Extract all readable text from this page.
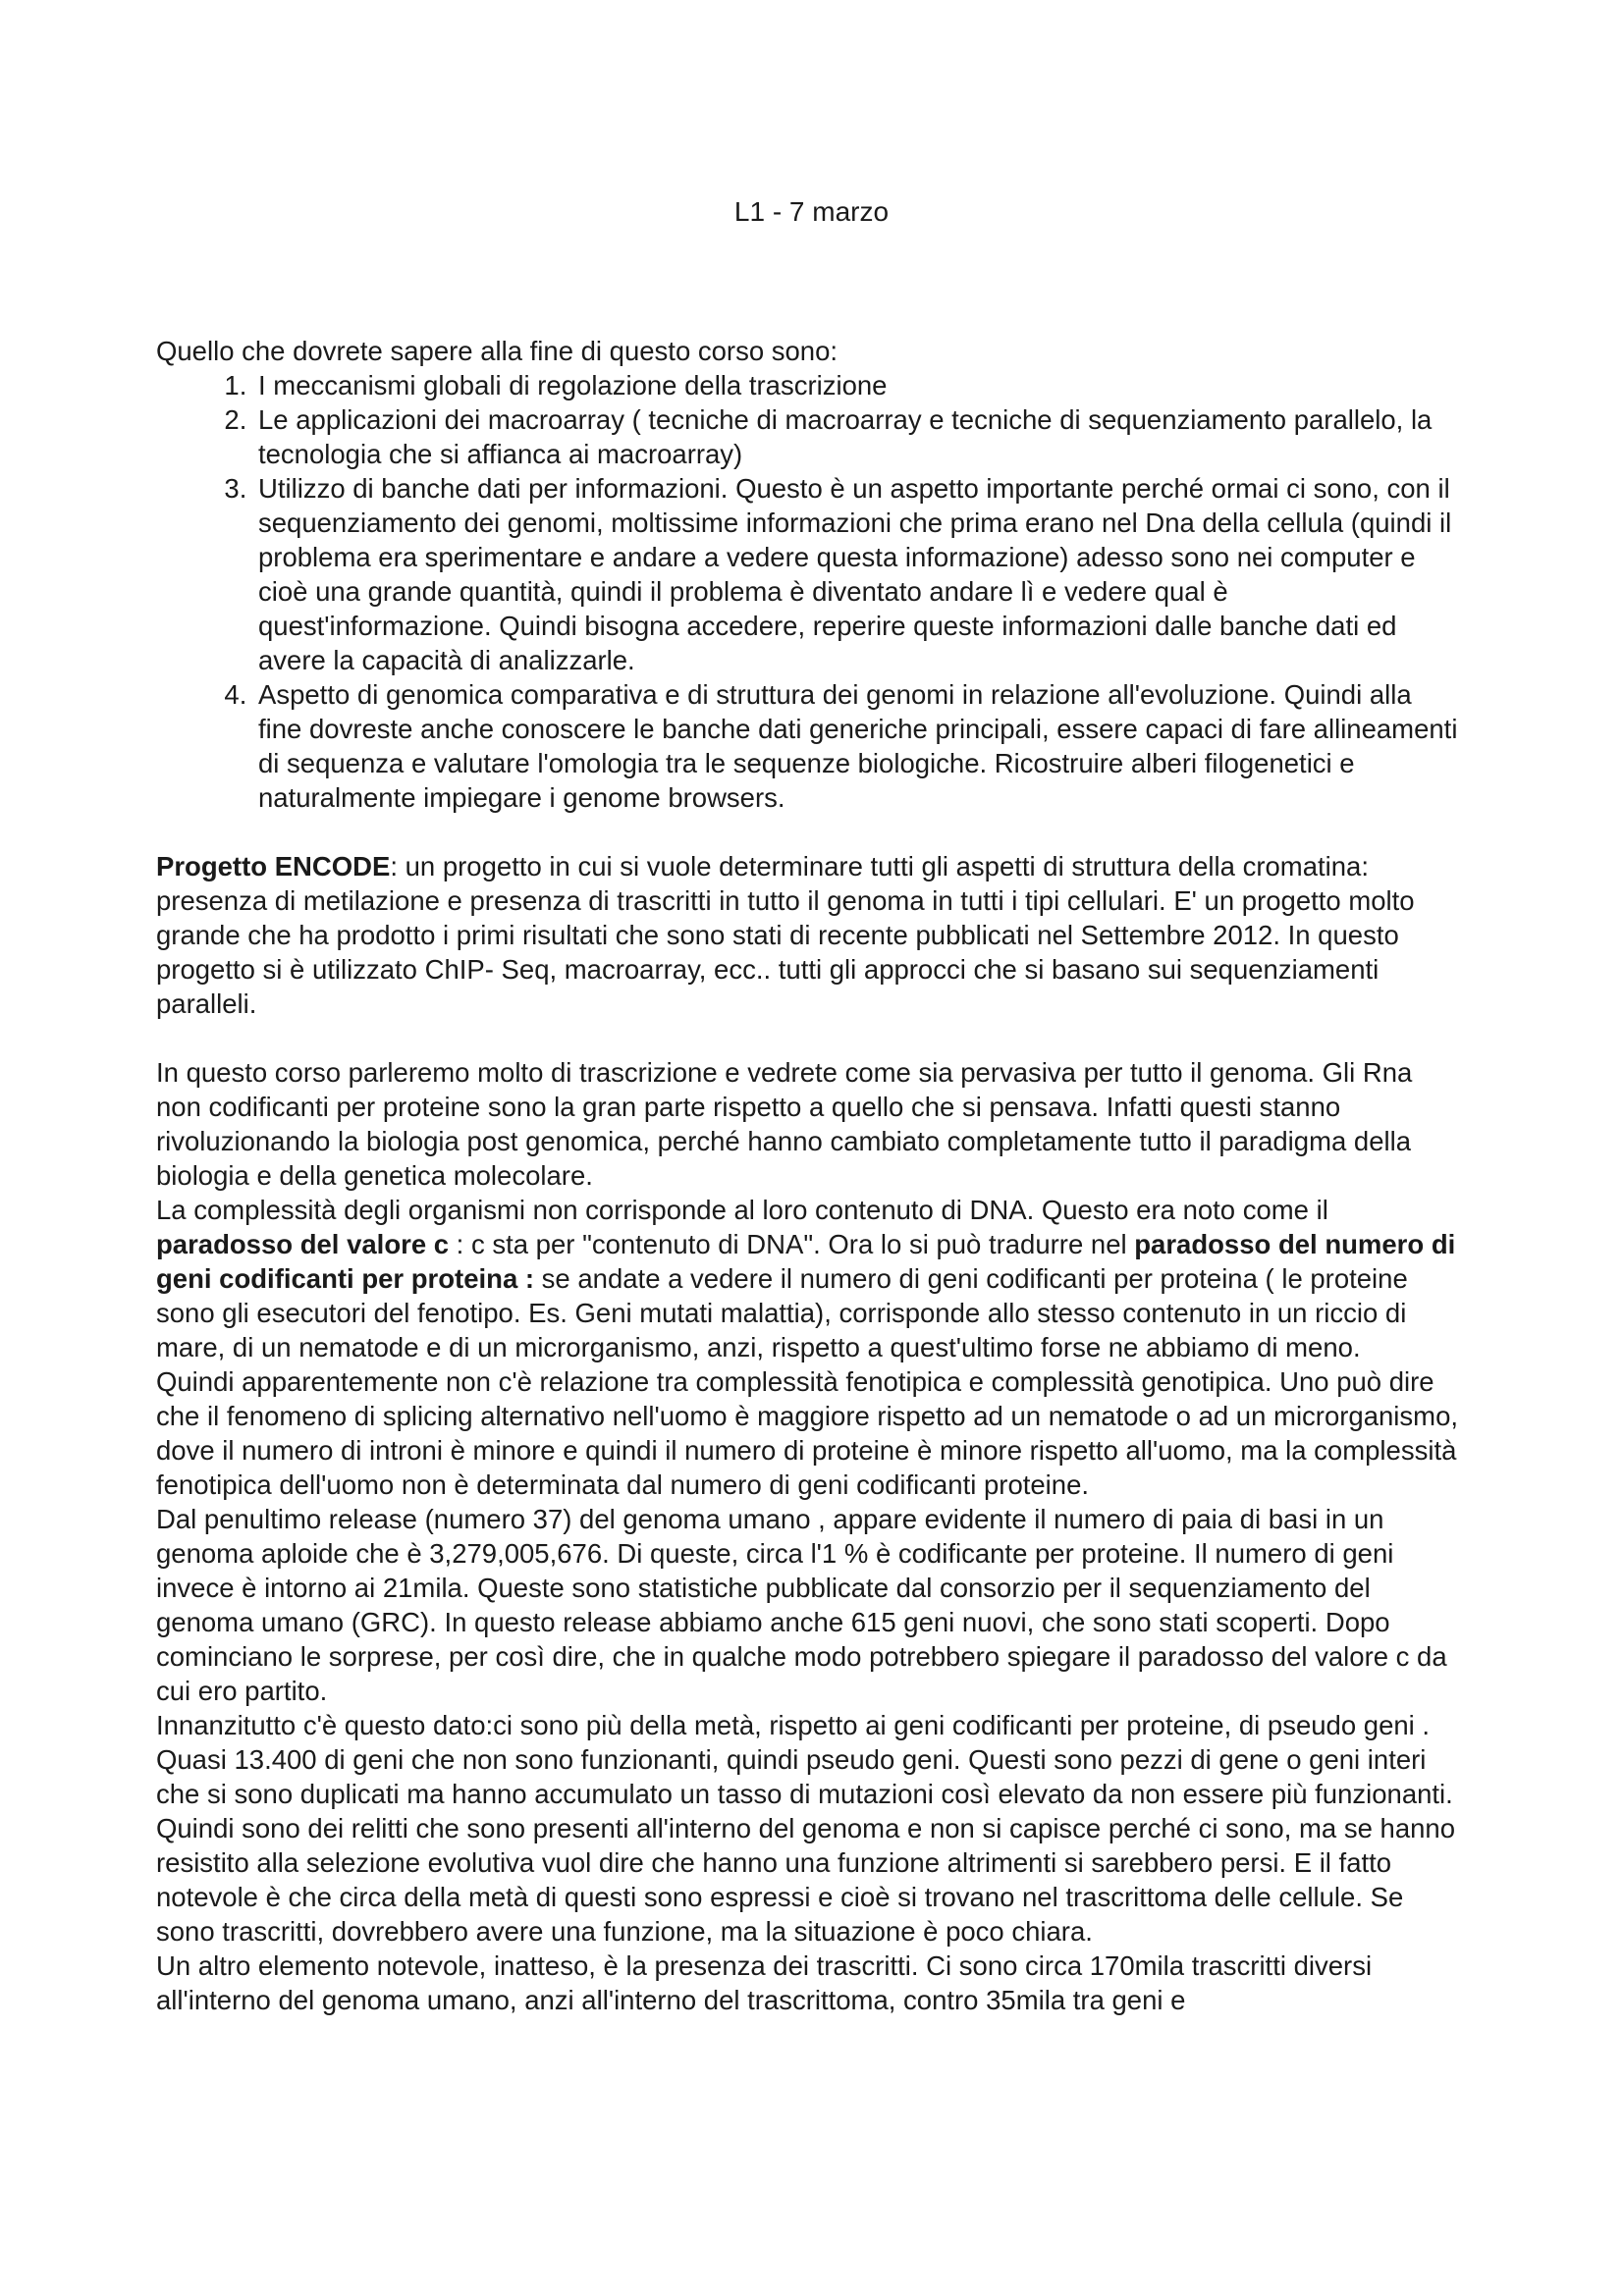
L1 - 7 marzo

Quello che dovrete sapere alla fine di questo corso sono:

1. I meccanismi globali di regolazione della trascrizione
2. Le applicazioni dei macroarray ( tecniche di macroarray e tecniche di sequenziamento parallelo, la tecnologia che si affianca ai macroarray)
3. Utilizzo di banche dati per informazioni. Questo è un aspetto importante perché ormai ci sono, con il sequenziamento dei genomi, moltissime informazioni che prima erano nel Dna della cellula (quindi il problema era sperimentare e andare a vedere questa informazione) adesso sono nei computer e cioè una grande quantità, quindi il problema è diventato andare lì e vedere qual è quest'informazione. Quindi bisogna accedere, reperire queste informazioni dalle banche dati ed avere la capacità di analizzarle.
4. Aspetto di genomica comparativa e di struttura dei genomi in relazione all'evoluzione. Quindi alla fine dovreste anche conoscere le banche dati generiche principali, essere capaci di fare allineamenti di sequenza e valutare l'omologia tra le sequenze biologiche. Ricostruire alberi filogenetici e naturalmente impiegare i genome browsers.

Progetto ENCODE: un progetto in cui si vuole determinare tutti gli aspetti di struttura della cromatina: presenza di metilazione e presenza di trascritti in tutto il genoma in tutti i tipi cellulari. E' un progetto molto grande che ha prodotto i primi risultati che sono stati di recente pubblicati nel Settembre 2012. In questo progetto si è utilizzato ChIP- Seq, macroarray, ecc.. tutti gli approcci che si basano sui sequenziamenti paralleli.

In questo corso parleremo molto di trascrizione e vedrete come sia pervasiva per tutto il genoma. Gli Rna non codificanti per proteine sono la gran parte rispetto a quello che si pensava. Infatti questi stanno rivoluzionando la biologia post genomica, perché hanno cambiato completamente tutto il paradigma della biologia e della genetica molecolare.

La complessità degli organismi non corrisponde al loro contenuto di DNA. Questo era noto come il paradosso del valore c : c sta per "contenuto di DNA". Ora lo si può tradurre nel paradosso del numero di geni codificanti per proteina : se andate a vedere il numero di geni codificanti per proteina ( le proteine sono gli esecutori del fenotipo. Es. Geni mutati malattia), corrisponde allo stesso contenuto in un riccio di mare, di un nematode e di un microrganismo, anzi, rispetto a quest'ultimo forse ne abbiamo di meno.

Quindi apparentemente non c'è relazione tra complessità fenotipica e complessità genotipica. Uno può dire che il fenomeno di splicing alternativo nell'uomo è maggiore rispetto ad un nematode o ad un microrganismo, dove il numero di introni è minore e quindi il numero di proteine è minore rispetto all'uomo, ma la complessità fenotipica dell'uomo non è determinata dal numero di geni codificanti proteine.

Dal penultimo release (numero 37) del genoma umano , appare evidente il numero di paia di basi in un genoma aploide che è 3,279,005,676. Di queste, circa l'1 % è codificante per proteine. Il numero di geni invece è intorno ai 21mila. Queste sono statistiche pubblicate dal consorzio per il sequenziamento del genoma umano (GRC). In questo release abbiamo anche 615 geni nuovi, che sono stati scoperti. Dopo cominciano le sorprese, per così dire, che in qualche modo potrebbero spiegare il paradosso del valore c da cui ero partito.

Innanzitutto c'è questo dato:ci sono più della metà, rispetto ai geni codificanti per proteine, di pseudo geni . Quasi 13.400 di geni che non sono funzionanti, quindi pseudo geni. Questi sono pezzi di gene o geni interi che si sono duplicati ma hanno accumulato un tasso di mutazioni così elevato da non essere più funzionanti. Quindi sono dei relitti che sono presenti all'interno del genoma e non si capisce perché ci sono, ma se hanno resistito alla selezione evolutiva vuol dire che hanno una funzione altrimenti si sarebbero persi. E il fatto notevole è che circa della metà di questi sono espressi e cioè si trovano nel trascrittoma delle cellule. Se sono trascritti, dovrebbero avere una funzione, ma la situazione è poco chiara.

Un altro elemento notevole, inatteso, è la presenza dei trascritti. Ci sono circa 170mila trascritti diversi all'interno del genoma umano, anzi all'interno del trascrittoma, contro 35mila tra geni e
